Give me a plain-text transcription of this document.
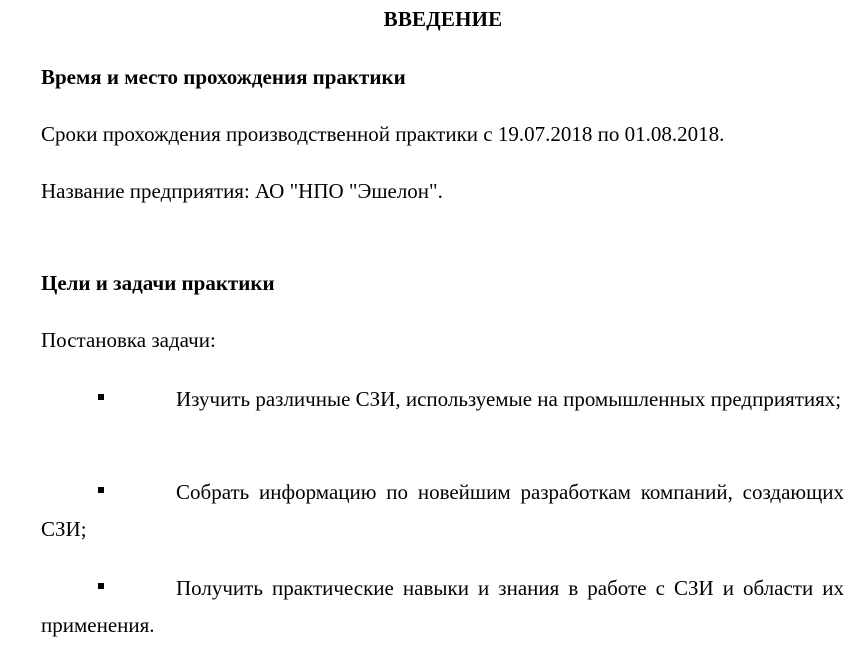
ВВЕДЕНИЕ
Время и место прохождения практики
Сроки прохождения производственной практики с 19.07.2018 по 01.08.2018.
Название предприятия: АО "НПО "Эшелон".
Цели и задачи практики
Постановка задачи:
Изучить различные СЗИ, используемые на промышленных предприятиях;
Собрать информацию по новейшим разработкам компаний, создающих СЗИ;
Получить практические навыки и знания в работе с СЗИ и области их применения.
